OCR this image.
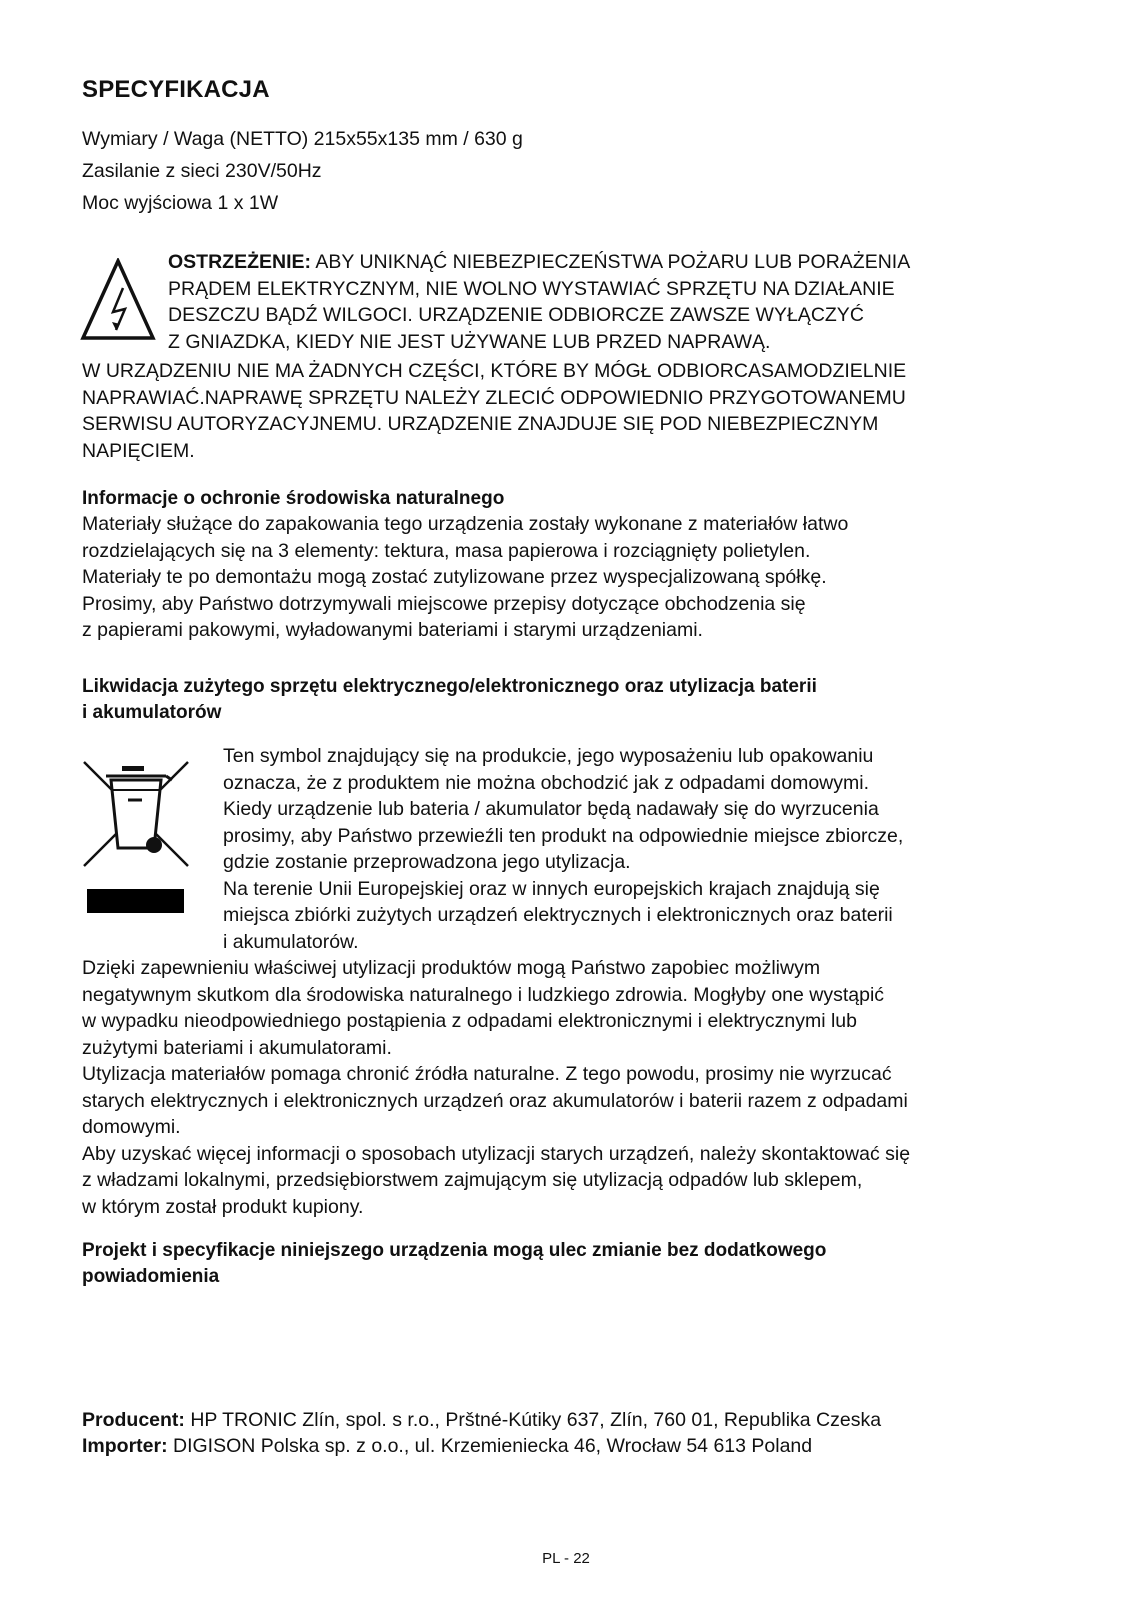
SPECYFIKACJA
Wymiary / Waga (NETTO) 215x55x135 mm / 630 g
Zasilanie z sieci 230V/50Hz
Moc wyjściowa 1 x 1W
OSTRZEŻENIE: ABY UNIKNĄĆ NIEBEZPIECZEŃSTWA POŻARU LUB PORAŻENIA
PRĄDEM ELEKTRYCZNYM, NIE WOLNO WYSTAWIAĆ SPRZĘTU NA DZIAŁANIE
DESZCZU BĄDŹ WILGOCI. URZĄDZENIE ODBIORCZE ZAWSZE WYŁĄCZYĆ
Z GNIAZDKA, KIEDY NIE JEST UŻYWANE LUB PRZED NAPRAWĄ.
W URZĄDZENIU NIE MA ŻADNYCH CZĘŚCI, KTÓRE BY MÓGŁ ODBIORCASAMODZIELNIE
NAPRAWIAĆ.NAPRAWĘ SPRZĘTU NALEŻY ZLECIĆ ODPOWIEDNIO PRZYGOTOWANEMU
SERWISU AUTORYZACYJNEMU. URZĄDZENIE ZNAJDUJE SIĘ POD NIEBEZPIECZNYM
NAPIĘCIEM.
Informacje o ochronie środowiska naturalnego
Materiały służące do zapakowania tego urządzenia zostały wykonane z materiałów łatwo
rozdzielających się na 3 elementy: tektura, masa papierowa i rozciągnięty polietylen.
Materiały te po demontażu mogą zostać zutylizowane przez wyspecjalizowaną spółkę.
Prosimy, aby Państwo dotrzymywali miejscowe przepisy dotyczące obchodzenia się
z papierami pakowymi, wyładowanymi bateriami i starymi urządzeniami.
Likwidacja zużytego sprzętu elektrycznego/elektronicznego oraz utylizacja baterii
i akumulatorów
Ten symbol znajdujący się na produkcie, jego wyposażeniu lub opakowaniu
oznacza, że z produktem nie można obchodzić jak z odpadami domowymi.
Kiedy urządzenie lub bateria / akumulator będą nadawały się do wyrzucenia
prosimy, aby Państwo przewieźli ten produkt na odpowiednie miejsce zbiorcze,
gdzie zostanie przeprowadzona jego utylizacja.
Na terenie Unii Europejskiej oraz w innych europejskich krajach znajdują się
miejsca zbiórki zużytych urządzeń elektrycznych i elektronicznych oraz baterii
i akumulatorów.
Dzięki zapewnieniu właściwej utylizacji produktów mogą Państwo zapobiec możliwym
negatywnym skutkom dla środowiska naturalnego i ludzkiego zdrowia. Mogłyby one wystąpić
w wypadku nieodpowiedniego postąpienia z odpadami elektronicznymi i elektrycznymi lub
zużytymi bateriami i akumulatorami.
Utylizacja materiałów pomaga chronić źródła naturalne. Z tego powodu, prosimy nie wyrzucać
starych elektrycznych i elektronicznych urządzeń oraz akumulatorów i baterii razem z odpadami
domowymi.
Aby uzyskać więcej informacji o sposobach utylizacji starych urządzeń, należy skontaktować się
z władzami lokalnymi, przedsiębiorstwem zajmującym się utylizacją odpadów lub sklepem,
w którym został produkt kupiony.
Projekt i specyfikacje niniejszego urządzenia mogą ulec zmianie bez dodatkowego
powiadomienia
Producent: HP TRONIC Zlín, spol. s r.o., Prštné-Kútiky 637, Zlín, 760 01, Republika Czeska
Importer: DIGISON Polska sp. z o.o., ul. Krzemieniecka 46, Wrocław 54 613 Poland
PL - 22
